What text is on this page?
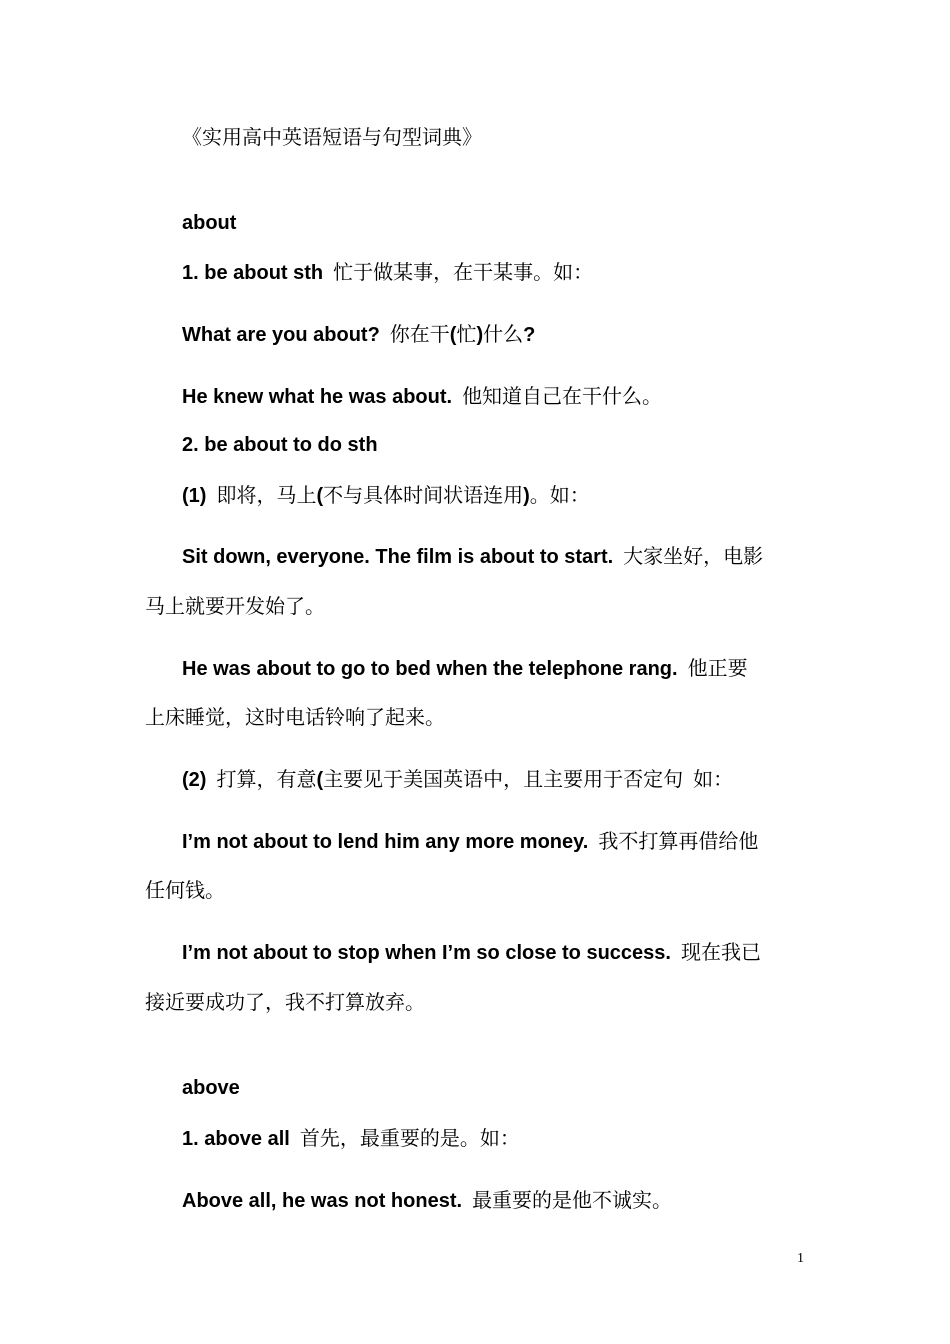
《实用高中英语短语与句型词典》
about
1. be about sth 忙于做某事，在干某事。如：
What are you about? 你在干(忙)什么?
He knew what he was about. 他知道自己在干什么。
2. be about to do sth
(1) 即将，马上(不与具体时间状语连用)。如：
Sit down, everyone. The film is about to start. 大家坐好，电影
马上就要开发始了。
He was about to go to bed when the telephone rang. 他正要
上床睡觉，这时电话铃响了起来。
(2) 打算，有意(主要见于美国英语中，且主要用于否定句 如：
I’m not about to lend him any more money. 我不打算再借给他
任何钱。
I’m not about to stop when I’m so close to success. 现在我已
接近要成功了，我不打算放弃。
above
1. above all 首先，最重要的是。如：
Above all, he was not honest. 最重要的是他不诚实。
1
